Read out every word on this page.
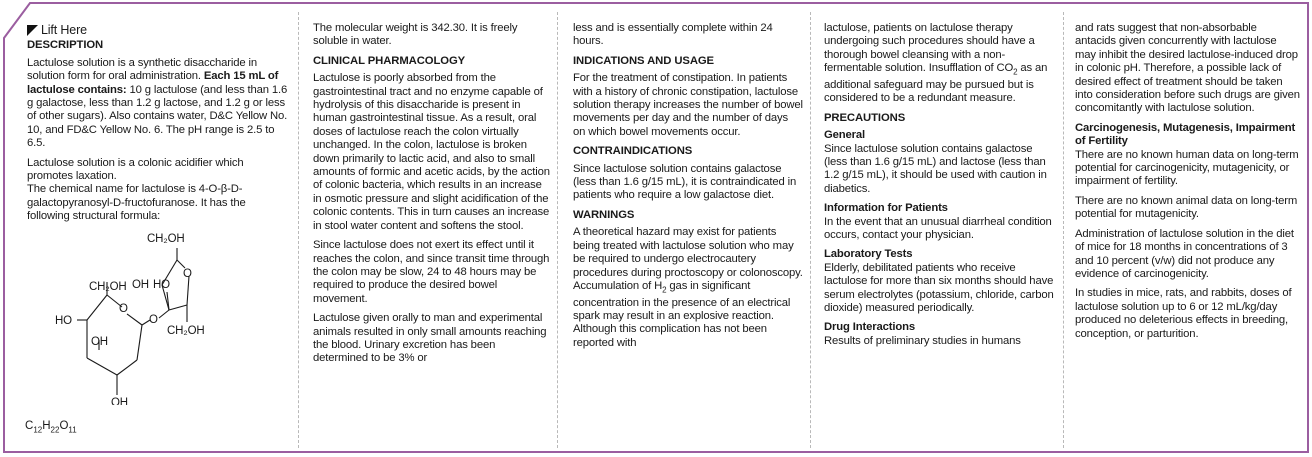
Lift Here
DESCRIPTION

Lactulose solution is a synthetic disaccharide in solution form for oral administration. Each 15 mL of lactulose contains: 10 g lactulose (and less than 1.6 g galactose, less than 1.2 g lactose, and 1.2 g or less of other sugars). Also contains water, D&C Yellow No. 10, and FD&C Yellow No. 6. The pH range is 2.5 to 6.5.

Lactulose solution is a colonic acidifier which promotes laxation.

The chemical name for lactulose is 4-O-β-D-galactopyranosyl-D-fructofuranose. It has the following structural formula:

CH₂OH
O
OH HO
CH₂OH
HO
O
O
CH₂OH
OH
OH
$C_{12}H_{22}O_{11}$

The molecular weight is 342.30. It is freely soluble in water.

CLINICAL PHARMACOLOGY

Lactulose is poorly absorbed from the gastrointestinal tract and no enzyme capable of hydrolysis of this disaccharide is present in human gastrointestinal tissue. As a result, oral doses of lactulose reach the colon virtually unchanged. In the colon, lactulose is broken down primarily to lactic acid, and also to small amounts of formic and acetic acids, by the action of colonic bacteria, which results in an increase in osmotic pressure and slight acidification of the colonic contents. This in turn causes an increase in stool water content and softens the stool.

Since lactulose does not exert its effect until it reaches the colon, and since transit time through the colon may be slow, 24 to 48 hours may be required to produce the desired bowel movement.

Lactulose given orally to man and experimental animals resulted in only small amounts reaching the blood. Urinary excretion has been determined to be 3% or

less and is essentially complete within 24 hours.

INDICATIONS AND USAGE

For the treatment of constipation. In patients with a history of chronic constipation, lactulose solution therapy increases the number of bowel movements per day and the number of days on which bowel movements occur.

CONTRAINDICATIONS

Since lactulose solution contains galactose (less than 1.6 g/15 mL), it is contraindicated in patients who require a low galactose diet.

WARNINGS

A theoretical hazard may exist for patients being treated with lactulose solution who may be required to undergo electrocautery procedures during proctoscopy or colonoscopy. Accumulation of $H_2$ gas in significant concentration in the presence of an electrical spark may result in an explosive reaction. Although this complication has not been reported with

lactulose, patients on lactulose therapy undergoing such procedures should have a thorough bowel cleansing with a non-fermentable solution. Insufflation of $CO_2$ as an additional safeguard may be pursued but is considered to be a redundant measure.

PRECAUTIONS
General

Since lactulose solution contains galactose (less than 1.6 g/15 mL) and lactose (less than 1.2 g/15 mL), it should be used with caution in diabetics.

Information for Patients

In the event that an unusual diarrheal condition occurs, contact your physician.

Laboratory Tests

Elderly, debilitated patients who receive lactulose for more than six months should have serum electrolytes (potassium, chloride, carbon dioxide) measured periodically.

Drug Interactions

Results of preliminary studies in humans

and rats suggest that non-absorbable antacids given concurrently with lactulose may inhibit the desired lactulose-induced drop in colonic pH. Therefore, a possible lack of desired effect of treatment should be taken into consideration before such drugs are given concomitantly with lactulose solution.

Carcinogenesis, Mutagenesis, Impairment of Fertility

There are no known human data on long-term potential for carcinogenicity, mutagenicity, or impairment of fertility.

There are no known animal data on long-term potential for mutagenicity.

Administration of lactulose solution in the diet of mice for 18 months in concentrations of 3 and 10 percent (v/w) did not produce any evidence of carcinogenicity.

In studies in mice, rats, and rabbits, doses of lactulose solution up to 6 or 12 mL/kg/day produced no deleterious effects in breeding, conception, or parturition.
